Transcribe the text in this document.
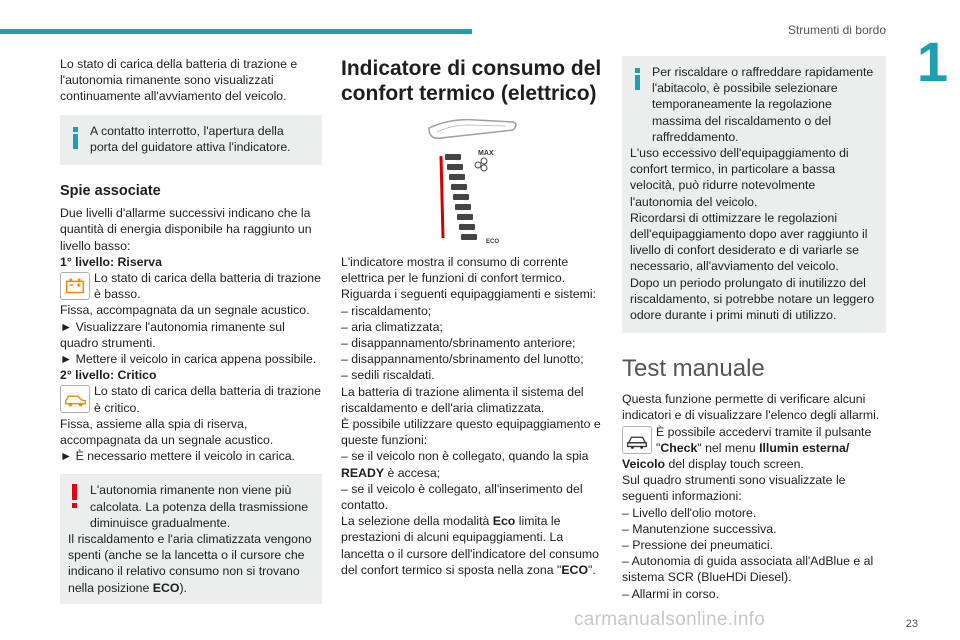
Strumenti di bordo 1

Lo stato di carica della batteria di trazione e l'autonomia rimanente sono visualizzati continuamente all'avviamento del veicolo.

A contatto interrotto, l'apertura della porta del guidatore attiva l'indicatore.

Spie associate

Due livelli d'allarme successivi indicano che la quantità di energia disponibile ha raggiunto un livello basso:

1° livello: Riserva

Lo stato di carica della batteria di trazione è basso.

Fissa, accompagnata da un segnale acustico.

► Visualizzare l'autonomia rimanente sul quadro strumenti.

► Mettere il veicolo in carica appena possibile.

2° livello: Critico

Lo stato di carica della batteria di trazione è critico.

Fissa, assieme alla spia di riserva, accompagnata da un segnale acustico.

► È necessario mettere il veicolo in carica.

L'autonomia rimanente non viene più calcolata. La potenza della trasmissione diminuisce gradualmente.

Il riscaldamento e l'aria climatizzata vengono spenti (anche se la lancetta o il cursore che indicano il relativo consumo non si trovano nella posizione ECO).

Indicatore di consumo del confort termico (elettrico)
MAX
ECO

L'indicatore mostra il consumo di corrente elettrica per le funzioni di confort termico.

Riguarda i seguenti equipaggiamenti e sistemi:

– riscaldamento;

– aria climatizzata;

– disappannamento/sbrinamento anteriore;

– disappannamento/sbrinamento del lunotto;

– sedili riscaldati.

La batteria di trazione alimenta il sistema del riscaldamento e dell'aria climatizzata.

È possibile utilizzare questo equipaggiamento e queste funzioni:

– se il veicolo non è collegato, quando la spia READY è accesa;

– se il veicolo è collegato, all'inserimento del contatto.

La selezione della modalità Eco limita le prestazioni di alcuni equipaggiamenti. La lancetta o il cursore dell'indicatore del consumo del confort termico si sposta nella zona "ECO".

Per riscaldare o raffreddare rapidamente l'abitacolo, è possibile selezionare temporaneamente la regolazione massima del riscaldamento o del raffreddamento.

L'uso eccessivo dell'equipaggiamento di confort termico, in particolare a bassa velocità, può ridurre notevolmente l'autonomia del veicolo.

Ricordarsi di ottimizzare le regolazioni dell'equipaggiamento dopo aver raggiunto il livello di confort desiderato e di variarle se necessario, all'avviamento del veicolo.

Dopo un periodo prolungato di inutilizzo del riscaldamento, si potrebbe notare un leggero odore durante i primi minuti di utilizzo.

Test manuale

Questa funzione permette di verificare alcuni indicatori e di visualizzare l'elenco degli allarmi.

È possibile accedervi tramite il pulsante "Check" nel menu Illumin esterna/

Veicolo del display touch screen.

Sul quadro strumenti sono visualizzate le seguenti informazioni:

– Livello dell'olio motore.

– Manutenzione successiva.

– Pressione dei pneumatici.

– Autonomia di guida associata all'AdBlue e al sistema SCR (BlueHDi Diesel).

– Allarmi in corso.

carmanualsonline.info	23
